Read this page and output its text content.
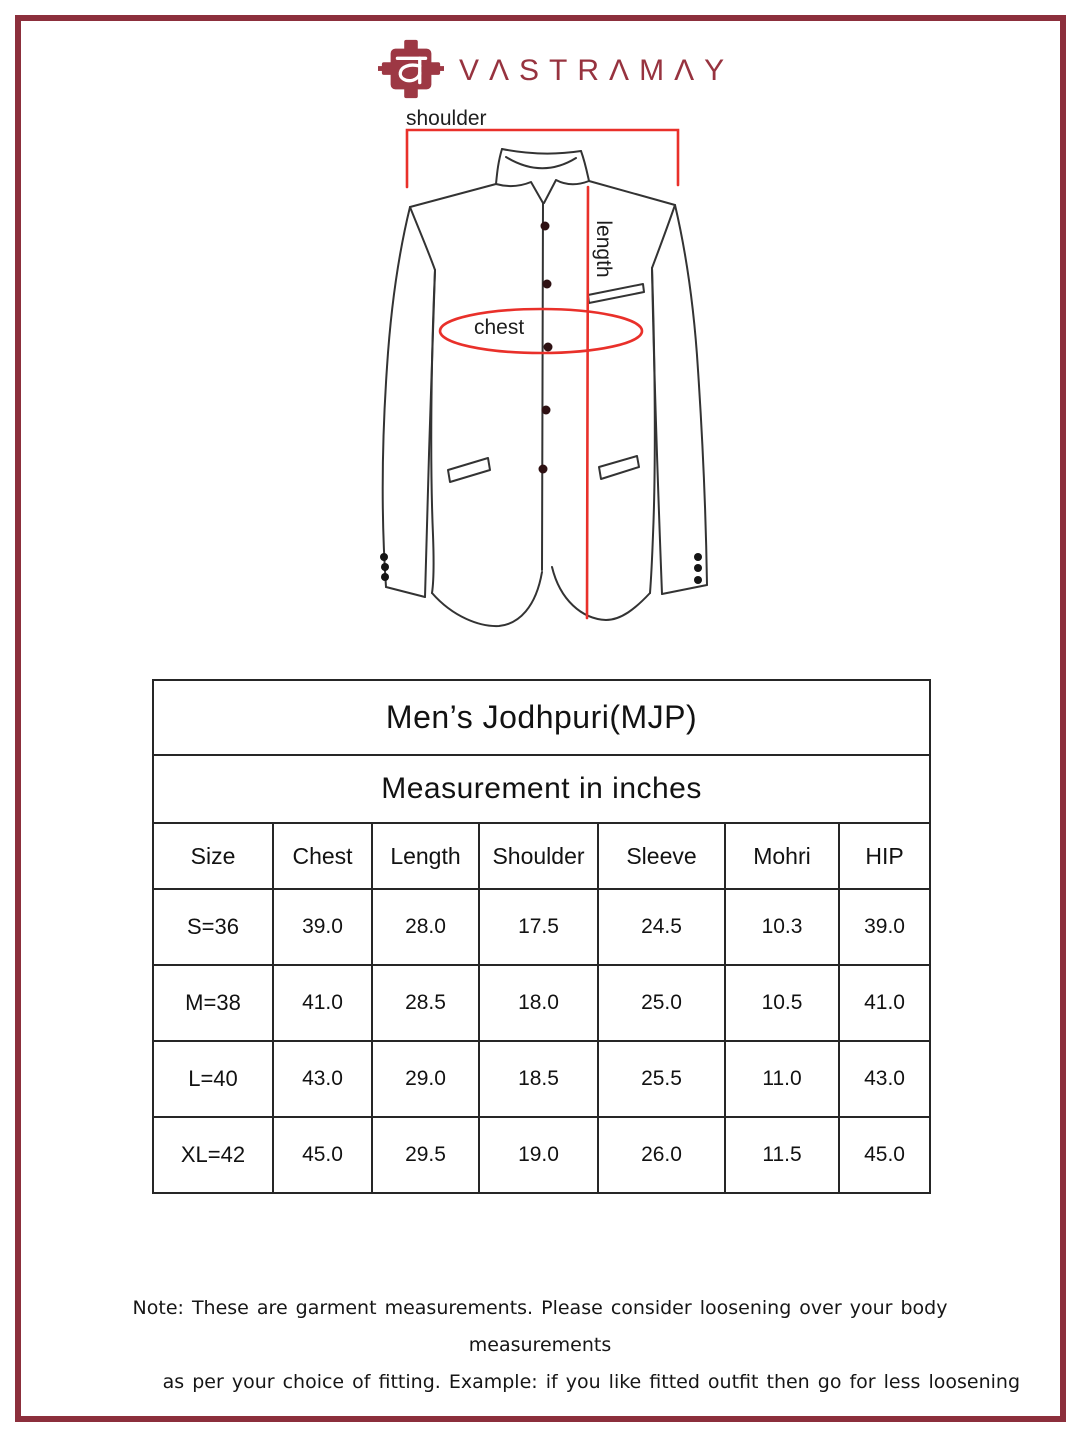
VΛSTRΛMΛY
shoulder
length
chest
Men’s Jodhpuri(MJP)						
Measurement in inches						
Size	Chest	Length	Shoulder	Sleeve	Mohri	HIP
S=36	39.0	28.0	17.5	24.5	10.3	39.0
M=38	41.0	28.5	18.0	25.0	10.5	41.0
L=40	43.0	29.0	18.5	25.5	11.0	43.0
XL=42	45.0	29.5	19.0	26.0	11.5	45.0
Note: These are garment measurements. Please consider loosening over your body measurements
as per your choice of fitting. Example: if you like fitted outfit then go for less loosening
